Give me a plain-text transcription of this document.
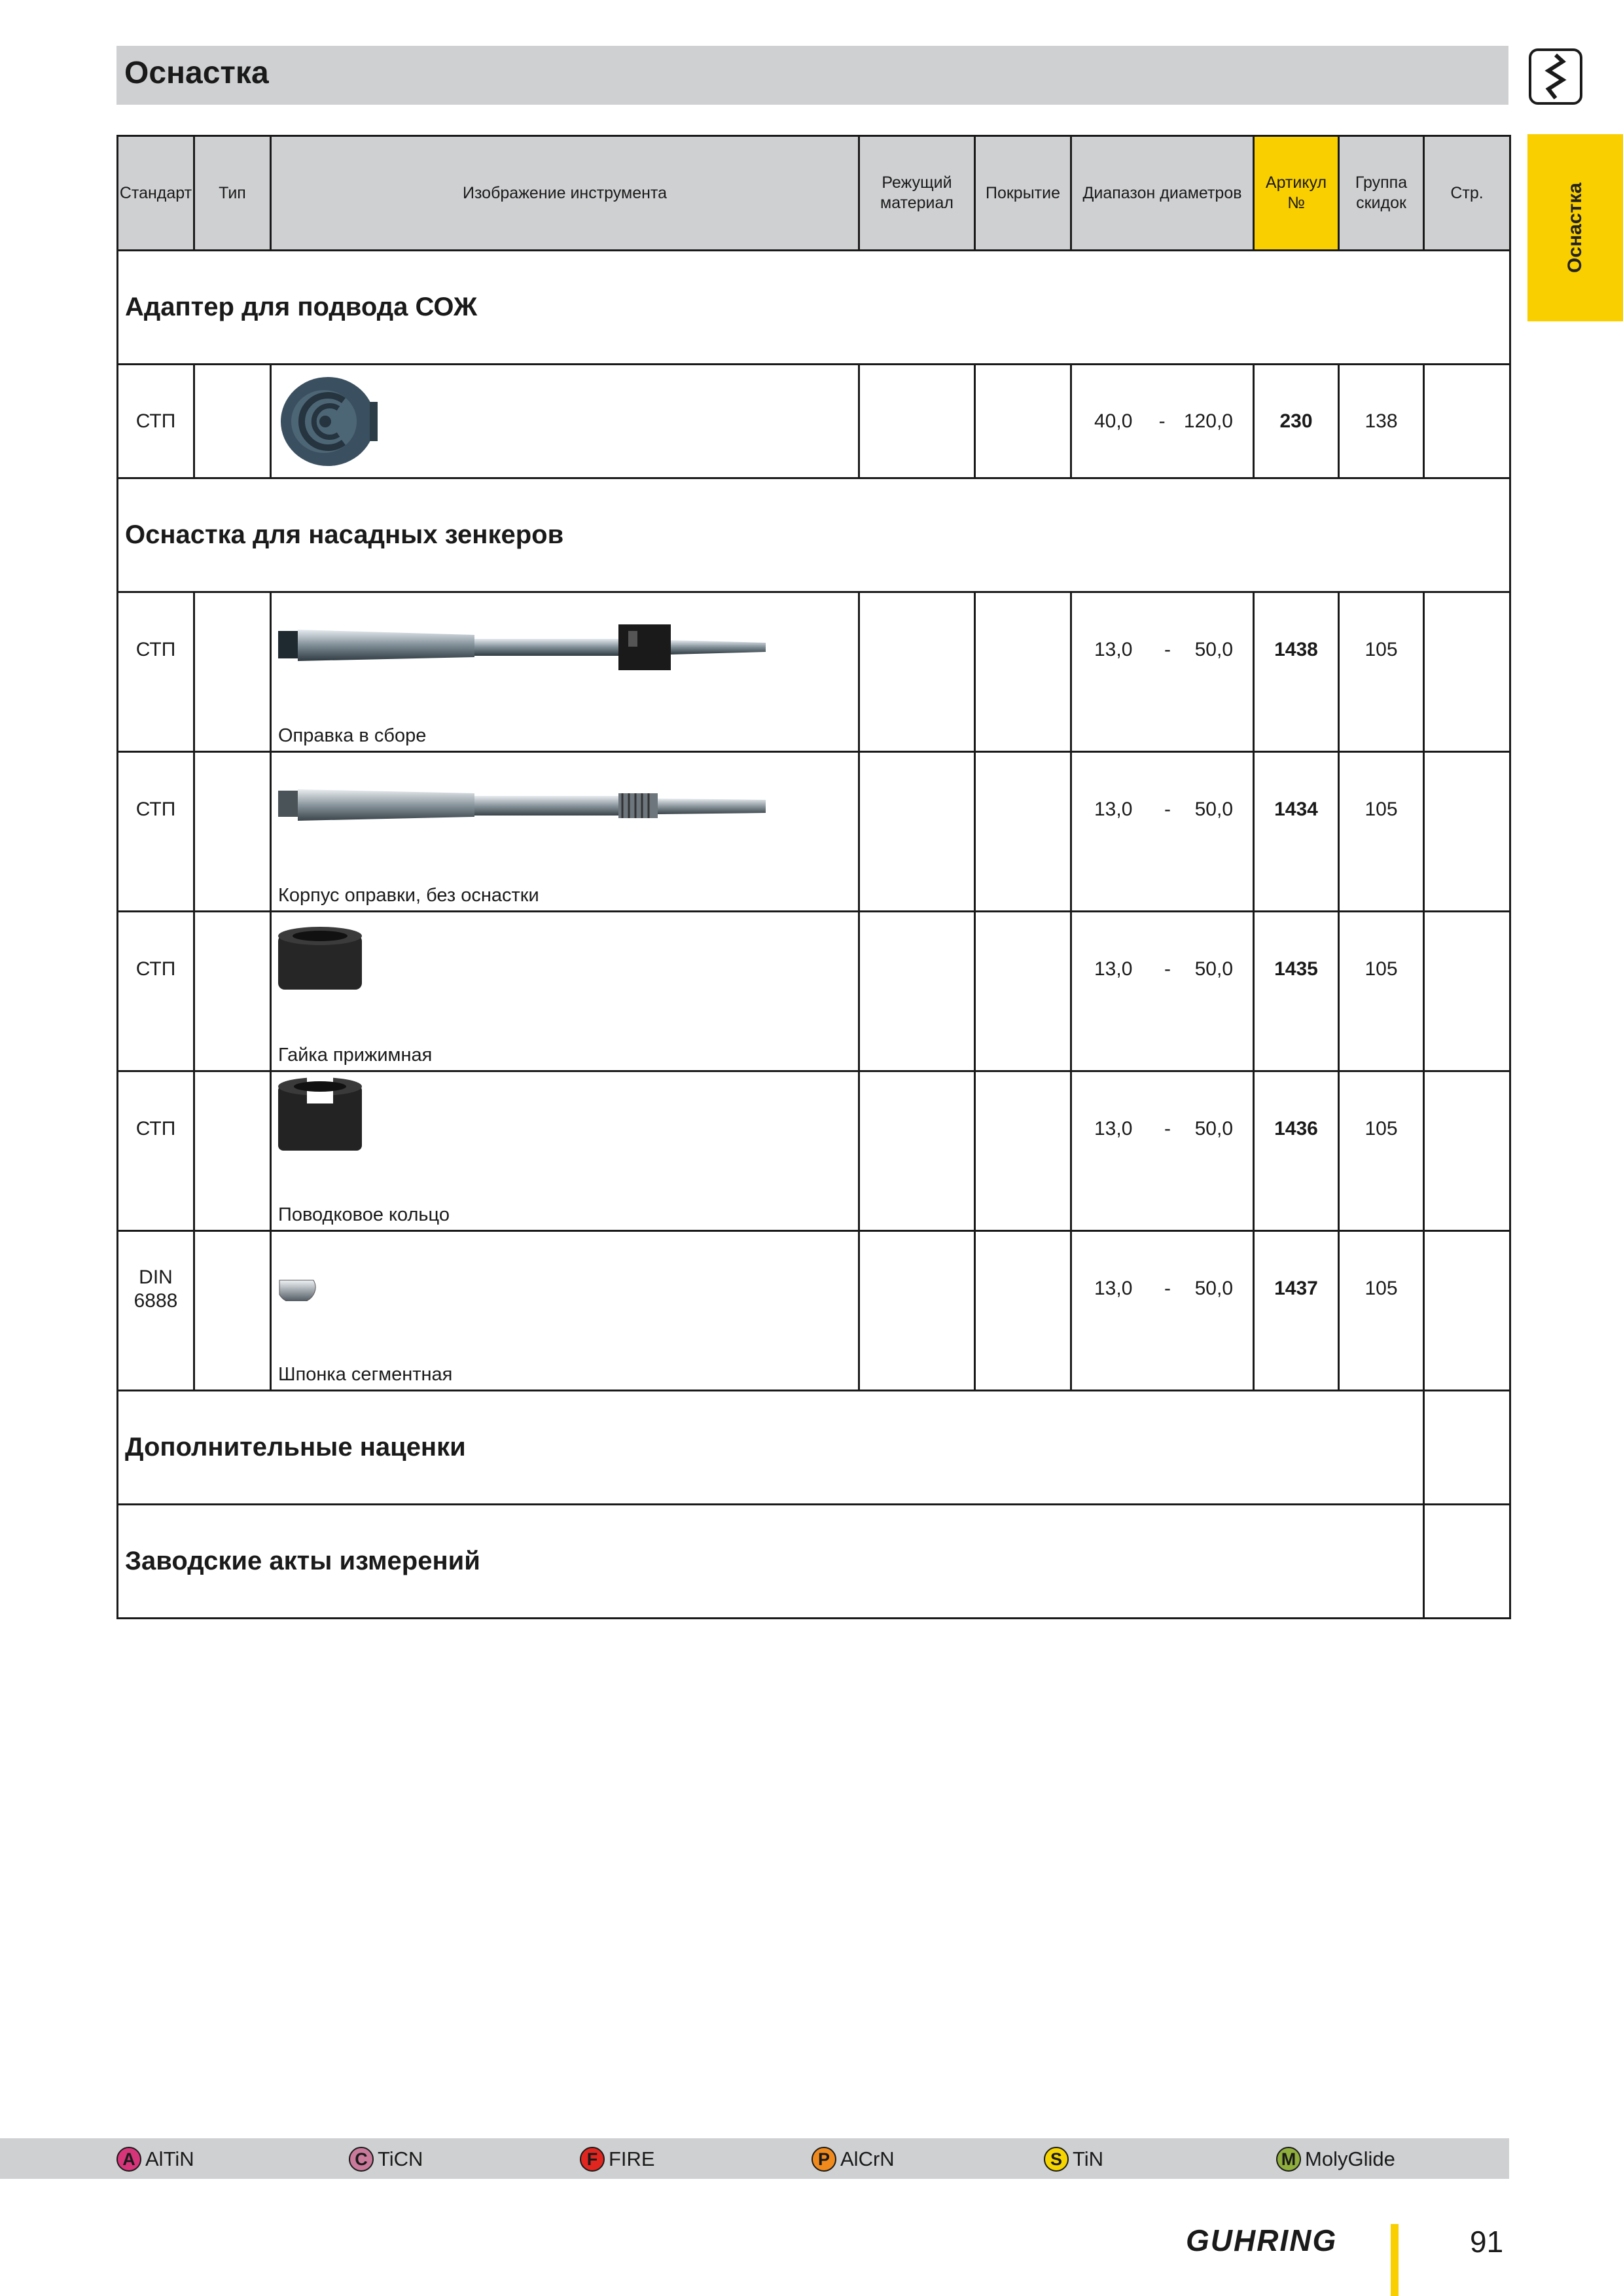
Оснастка
Оснастка
Стандарт	Тип	Изображение инструмента	Режущий материал	Покрытие	Диапазон диаметров	Артикул №	Группа скидок	Стр.
Адаптер для подвода СОЖ								
СТП					40,0 - 120,0	230	138	
Оснастка для насадных зенкеров								
СТП		Оправка в сборе			13,0 - 50,0	1438	105	
СТП		Корпус оправки, без оснастки			13,0 - 50,0	1434	105	
СТП		Гайка прижимная			13,0 - 50,0	1435	105	
СТП		Поводковое кольцо			13,0 - 50,0	1436	105	
DIN 6888		Шпонка сегментная			13,0 - 50,0	1437	105	
Дополнительные наценки								
Заводские акты измерений								
A AlTiN	C TiCN	F FIRE	P AlCrN	S TiN	M MolyGlide
GUHRING	91
